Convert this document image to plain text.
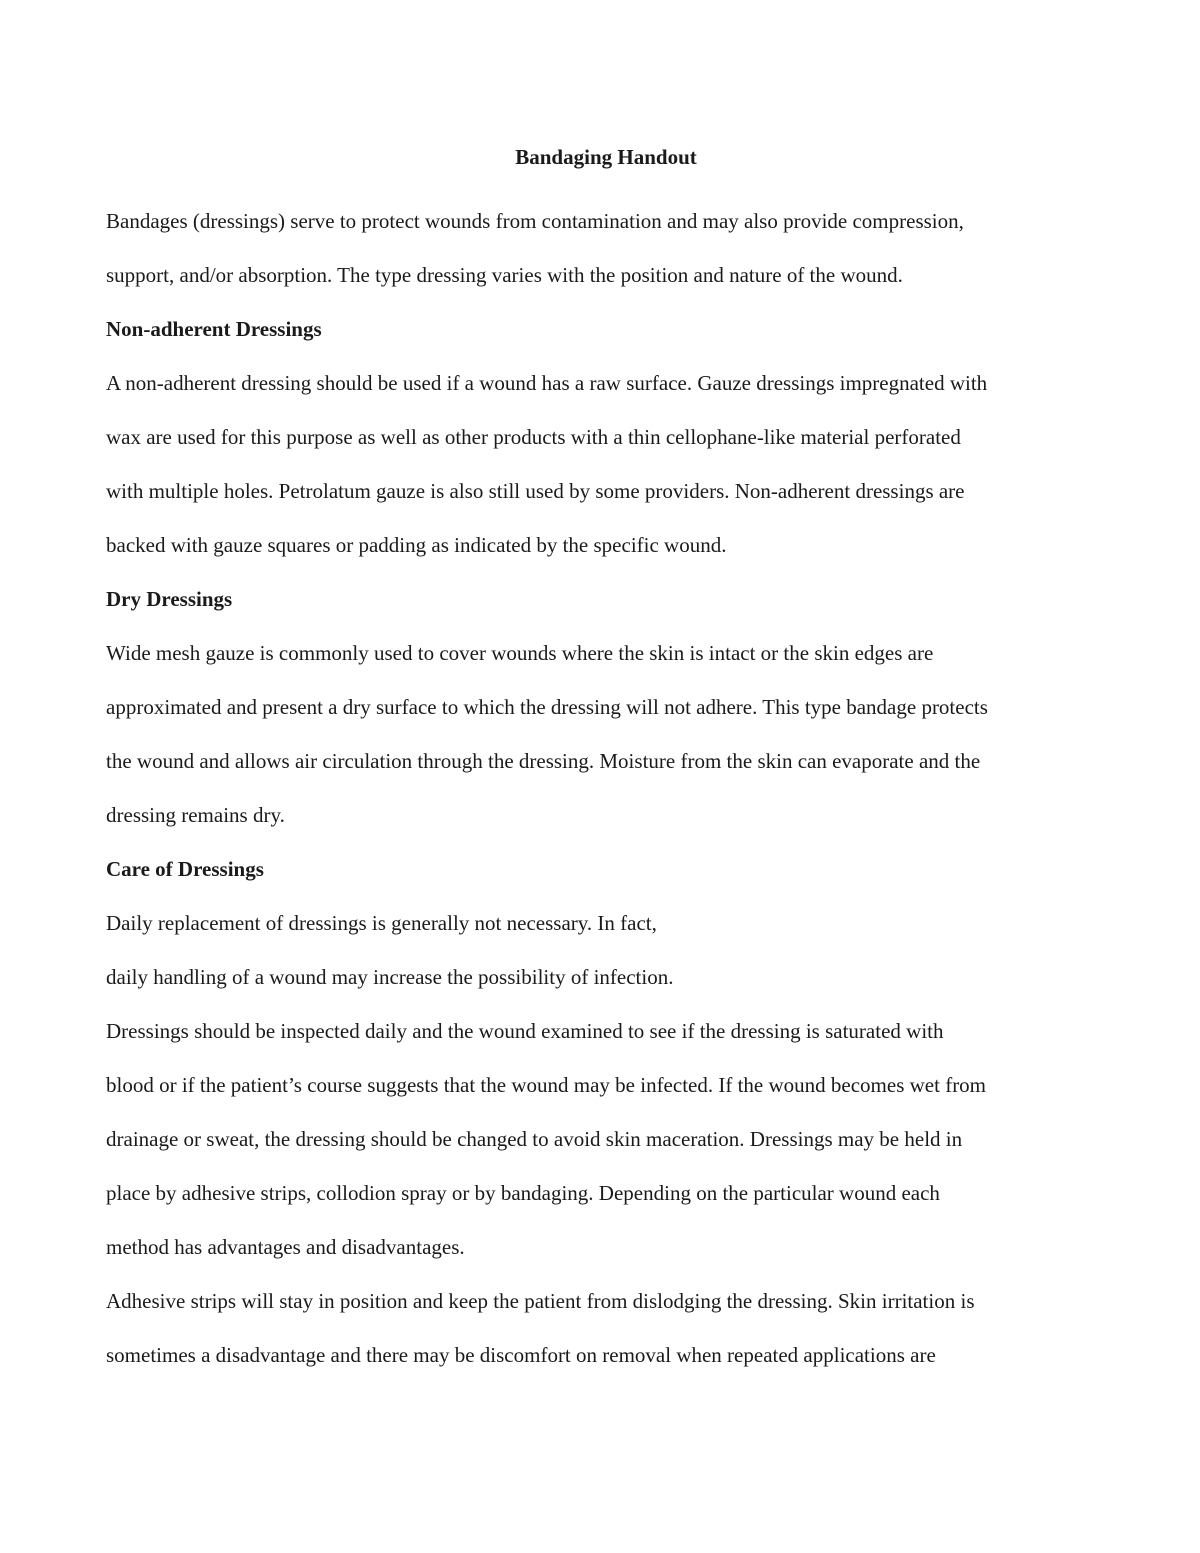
Bandaging Handout
Bandages (dressings) serve to protect wounds from contamination and may also provide compression,
support, and/or absorption. The type dressing varies with the position and nature of the wound.
Non-adherent Dressings
A non-adherent dressing should be used if a wound has a raw surface. Gauze dressings impregnated with
wax are used for this purpose as well as other products with a thin cellophane-like material perforated
with multiple holes. Petrolatum gauze is also still used by some providers. Non-adherent dressings are
backed with gauze squares or padding as indicated by the specific wound.
Dry Dressings
Wide mesh gauze is commonly used to cover wounds where the skin is intact or the skin edges are
approximated and present a dry surface to which the dressing will not adhere. This type bandage protects
the wound and allows air circulation through the dressing. Moisture from the skin can evaporate and the
dressing remains dry.
Care of Dressings
Daily replacement of dressings is generally not necessary. In fact,
daily handling of a wound may increase the possibility of infection.
Dressings should be inspected daily and the wound examined to see if the dressing is saturated with
blood or if the patient’s course suggests that the wound may be infected. If the wound becomes wet from
drainage or sweat, the dressing should be changed to avoid skin maceration. Dressings may be held in
place by adhesive strips, collodion spray or by bandaging. Depending on the particular wound each
method has advantages and disadvantages.
Adhesive strips will stay in position and keep the patient from dislodging the dressing. Skin irritation is
sometimes a disadvantage and there may be discomfort on removal when repeated applications are
